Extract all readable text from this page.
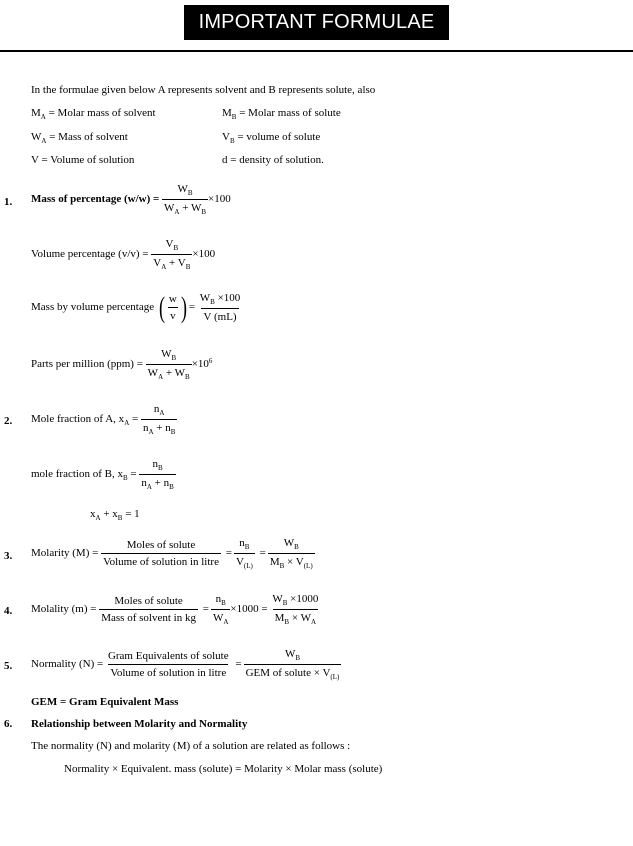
IMPORTANT FORMULAE
In the formulae given below A represents solvent and B represents solute, also
$M_A$ = Molar mass of solvent	$M_B$ = Molar mass of solute
$W_A$ = Mass of solvent	$V_B$ = volume of solute
V = Volume of solution	d = density of solution.
1. Mass of percentage $(w/w) = \frac{W_B}{W_A + W_B} \times 100$
Volume percentage $(v/v) = \frac{V_B}{V_A + V_B} \times 100$
Mass by volume percentage ( $\frac{w}{v}$ ) = $\frac{W_B \times 100}{V (mL)}$
Parts per million $(ppm) = \frac{W_B}{W_A + W_B} \times 10^6$
2. Mole fraction of A, $x_A = \frac{n_A}{n_A + n_B}$
mole fraction of B, $x_B = \frac{n_B}{n_A + n_B}$
$x_A + x_B = 1$
3. Molarity $(M) = \frac{\text{Moles of solute}}{\text{Volume of solution in litre}} = \frac{n_B}{V_{(L)}} = \frac{W_B}{M_B \times V_{(L)}}$
4. Molality $(m) = \frac{\text{Moles of solute}}{\text{Mass of solvent in kg}} = \frac{n_B}{W_A} \times 1000 = \frac{W_B \times 1000}{M_B \times W_A}$
5. Normality $(N) = \frac{\text{Gram Equivalents of solute}}{\text{Volume of solution in litre}} = \frac{W_B}{GEM of solute \times V_{(L)}}$
GEM = Gram Equivalent Mass
6. Relationship between Molarity and Normality
The normality (N) and molarity (M) of a solution are related as follows :
Normality × Equivalent. mass (solute) = Molarity × Molar mass (solute)
